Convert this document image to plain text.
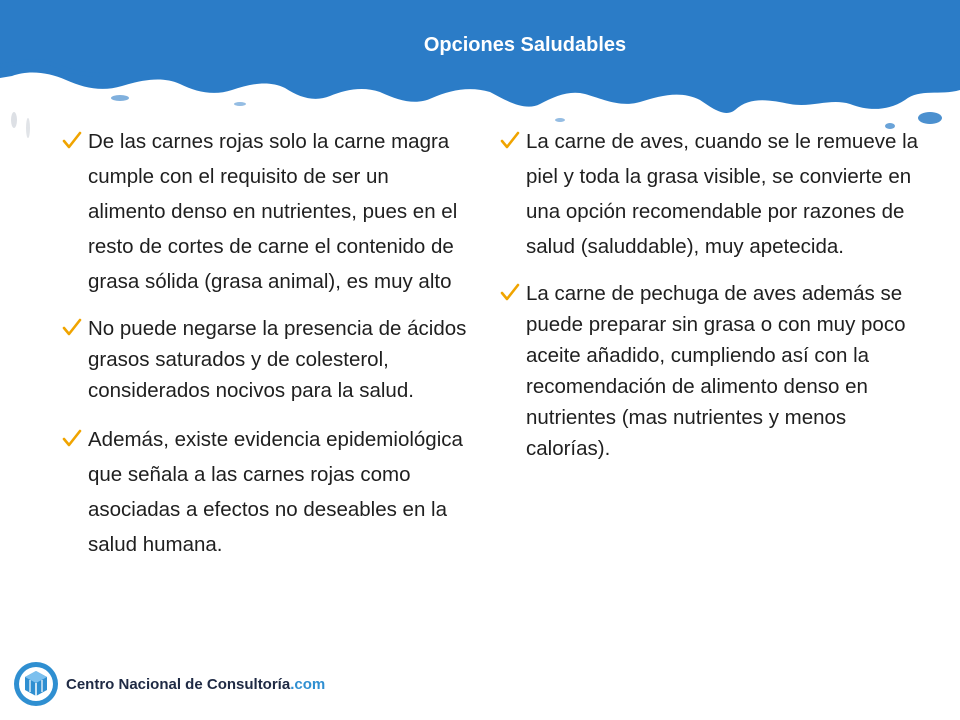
Opciones Saludables
De las carnes rojas solo la carne magra cumple con el requisito de ser un alimento denso en nutrientes, pues en el resto de cortes de carne el contenido de grasa sólida (grasa animal), es muy alto
No puede negarse la presencia de ácidos grasos saturados y de colesterol, considerados nocivos para la salud.
Además, existe evidencia epidemiológica que señala a las carnes rojas como asociadas a efectos no deseables en la salud humana.
La carne de aves, cuando se le remueve la piel y toda la grasa visible, se convierte en una opción recomendable por razones de salud (saluddable), muy apetecida.
La carne de pechuga de aves además se puede preparar sin grasa o con muy poco aceite añadido, cumpliendo así con la recomendación de alimento denso en nutrientes (mas nutrientes y menos calorías).
Centro Nacional de Consultoría.com
